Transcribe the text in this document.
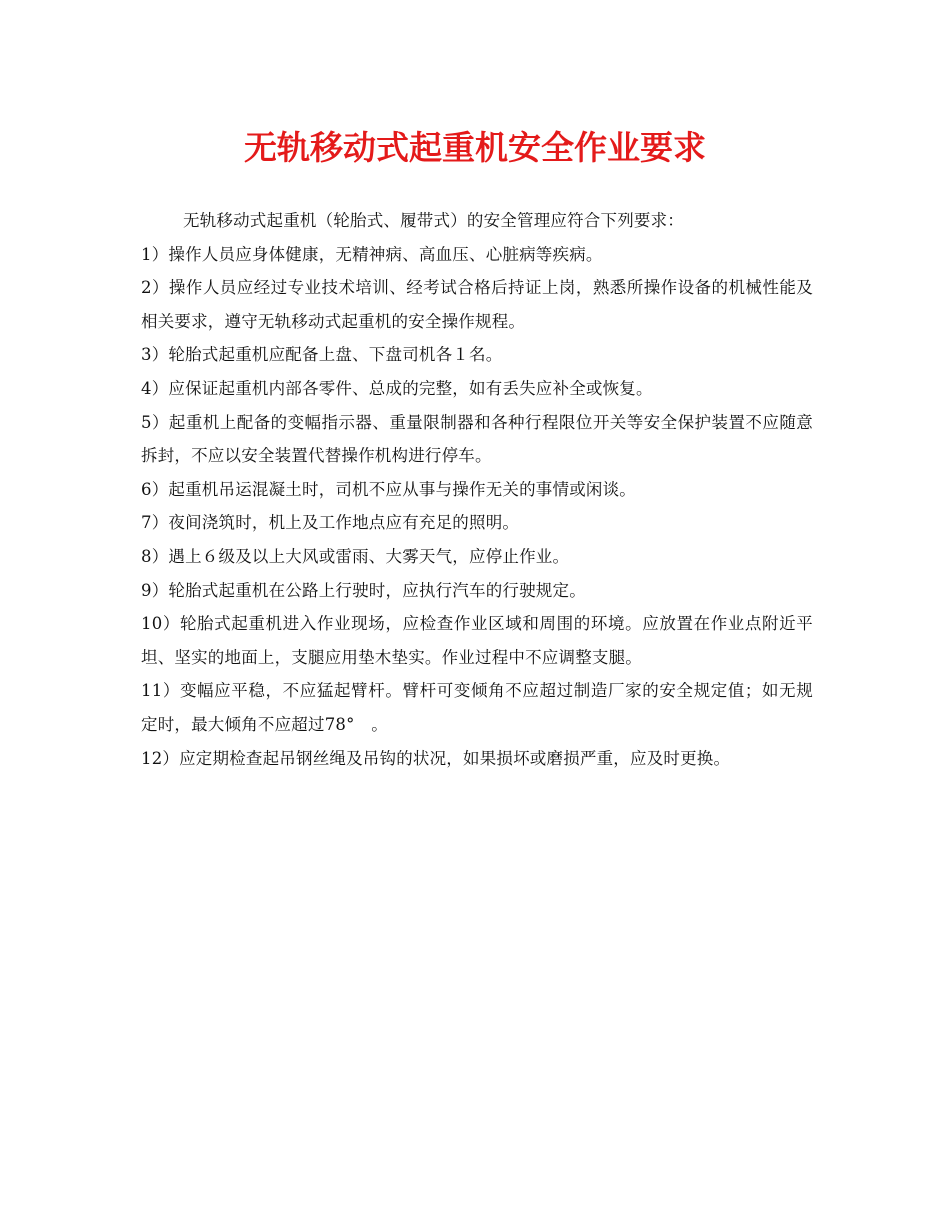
无轨移动式起重机安全作业要求

无轨移动式起重机（轮胎式、履带式）的安全管理应符合下列要求：

1）操作人员应身体健康，无精神病、高血压、心脏病等疾病。

2）操作人员应经过专业技术培训、经考试合格后持证上岗，熟悉所操作设备的机械性能及相关要求，遵守无轨移动式起重机的安全操作规程。

3）轮胎式起重机应配备上盘、下盘司机各１名。

4）应保证起重机内部各零件、总成的完整，如有丢失应补全或恢复。

5）起重机上配备的变幅指示器、重量限制器和各种行程限位开关等安全保护装置不应随意拆封，不应以安全装置代替操作机构进行停车。

6）起重机吊运混凝土时，司机不应从事与操作无关的事情或闲谈。

7）夜间浇筑时，机上及工作地点应有充足的照明。

8）遇上６级及以上大风或雷雨、大雾天气，应停止作业。

9）轮胎式起重机在公路上行驶时，应执行汽车的行驶规定。

10）轮胎式起重机进入作业现场，应检查作业区域和周围的环境。应放置在作业点附近平坦、坚实的地面上，支腿应用垫木垫实。作业过程中不应调整支腿。

11）变幅应平稳，不应猛起臂杆。臂杆可变倾角不应超过制造厂家的安全规定值；如无规定时，最大倾角不应超过78°　。

12）应定期检查起吊钢丝绳及吊钩的状况，如果损坏或磨损严重，应及时更换。
